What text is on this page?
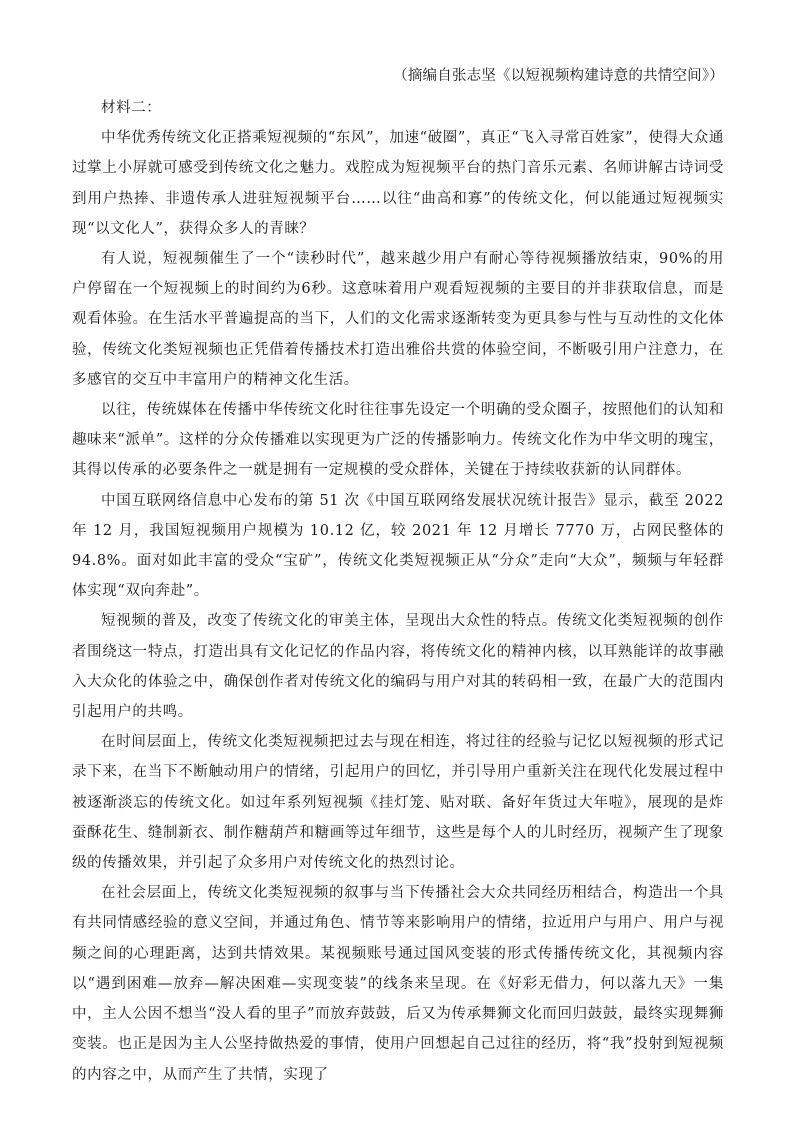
（摘编自张志坚《以短视频构建诗意的共情空间》）

材料二：

中华优秀传统文化正搭乘短视频的“东风”，加速“破圈”，真正“飞入寻常百姓家”，使得大众通过掌上小屏就可感受到传统文化之魅力。戏腔成为短视频平台的热门音乐元素、名师讲解古诗词受到用户热捧、非遗传承人进驻短视频平台……以往“曲高和寡”的传统文化，何以能通过短视频实现“以文化人”，获得众多人的青睐？

有人说，短视频催生了一个“读秒时代”，越来越少用户有耐心等待视频播放结束，90%的用户停留在一个短视频上的时间约为6秒。这意味着用户观看短视频的主要目的并非获取信息，而是观看体验。在生活水平普遍提高的当下，人们的文化需求逐渐转变为更具参与性与互动性的文化体验，传统文化类短视频也正凭借着传播技术打造出雅俗共赏的体验空间，不断吸引用户注意力，在多感官的交互中丰富用户的精神文化生活。

以往，传统媒体在传播中华传统文化时往往事先设定一个明确的受众圈子，按照他们的认知和趣味来“派单”。这样的分众传播难以实现更为广泛的传播影响力。传统文化作为中华文明的瑰宝，其得以传承的必要条件之一就是拥有一定规模的受众群体，关键在于持续收获新的认同群体。

中国互联网络信息中心发布的第 51 次《中国互联网络发展状况统计报告》显示，截至 2022 年 12 月，我国短视频用户规模为 10.12 亿，较 2021 年 12 月增长 7770 万，占网民整体的 94.8%。面对如此丰富的受众“宝矿”，传统文化类短视频正从“分众”走向“大众”，频频与年轻群体实现“双向奔赴”。

短视频的普及，改变了传统文化的审美主体，呈现出大众性的特点。传统文化类短视频的创作者围绕这一特点，打造出具有文化记忆的作品内容，将传统文化的精神内核，以耳熟能详的故事融入大众化的体验之中，确保创作者对传统文化的编码与用户对其的转码相一致，在最广大的范围内引起用户的共鸣。

在时间层面上，传统文化类短视频把过去与现在相连，将过往的经验与记忆以短视频的形式记录下来，在当下不断触动用户的情绪，引起用户的回忆，并引导用户重新关注在现代化发展过程中被逐渐淡忘的传统文化。如过年系列短视频《挂灯笼、贴对联、备好年货过大年啦》，展现的是炸蚕酥花生、缝制新衣、制作糖葫芦和糖画等过年细节，这些是每个人的儿时经历，视频产生了现象级的传播效果，并引起了众多用户对传统文化的热烈讨论。

在社会层面上，传统文化类短视频的叙事与当下传播社会大众共同经历相结合，构造出一个具有共同情感经验的意义空间，并通过角色、情节等来影响用户的情绪，拉近用户与用户、用户与视频之间的心理距离，达到共情效果。某视频账号通过国风变装的形式传播传统文化，其视频内容以“遇到困难—放弃—解决困难—实现变装”的线条来呈现。在《好彩无借力，何以落九天》一集中，主人公因不想当“没人看的里子”而放弃鼓鼓，后又为传承舞狮文化而回归鼓鼓，最终实现舞狮变装。也正是因为主人公坚持做热爱的事情，使用户回想起自己过往的经历，将“我”投射到短视频的内容之中，从而产生了共情，实现了
